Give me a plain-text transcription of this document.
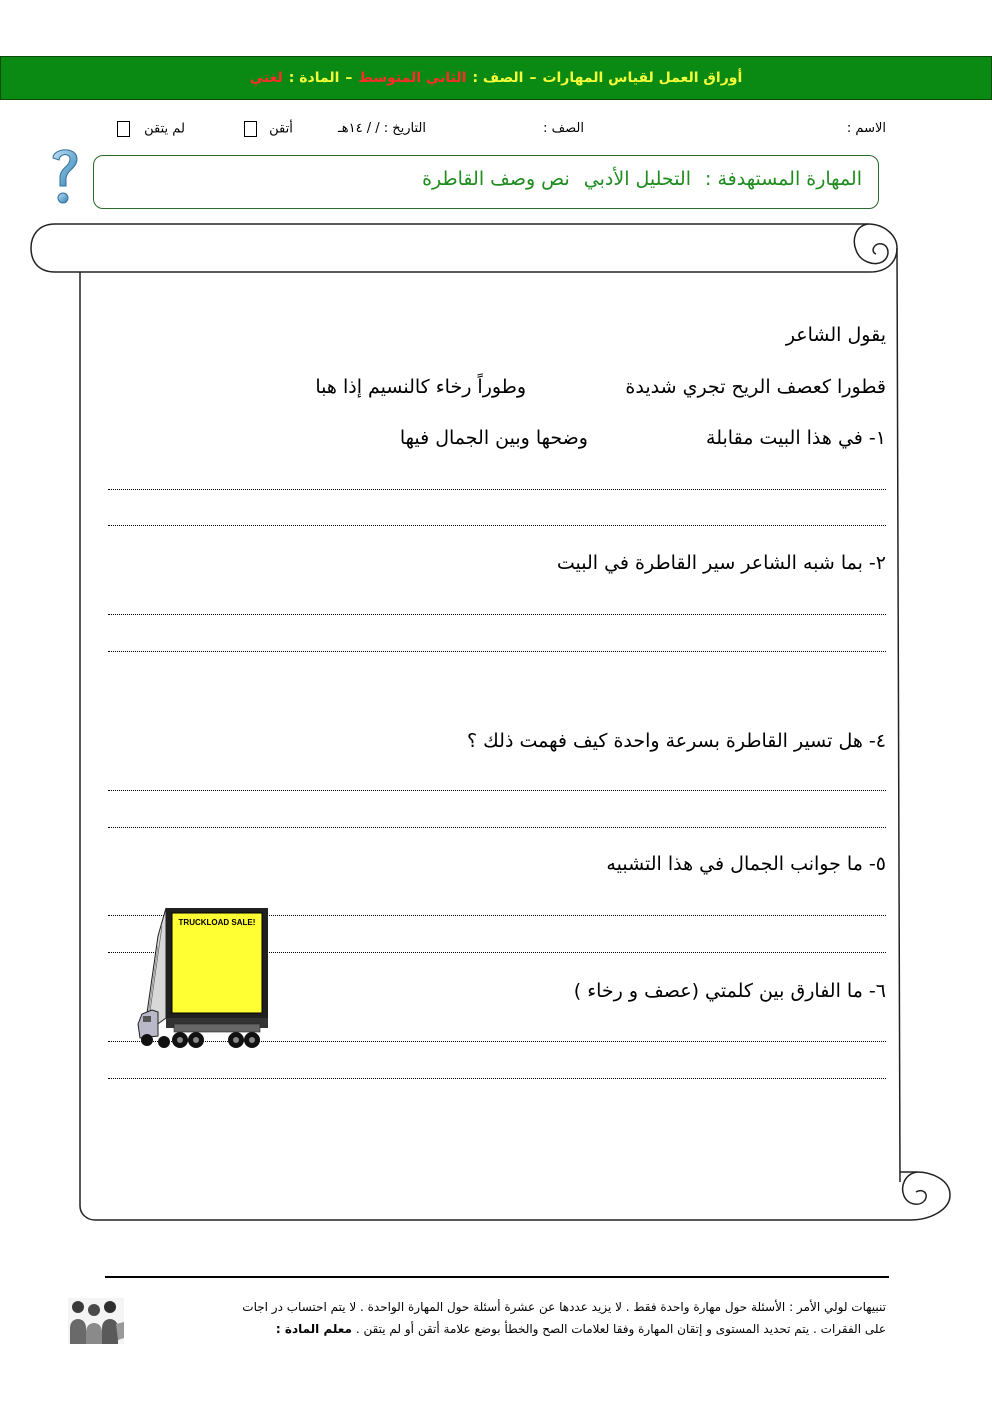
أوراق العمل لقياس المهارات
–
الصف :
الثاني المتوسط
–
المادة :
لغتي
الاسم :
الصف :
التاريخ : / / ١٤هـ
أتقن
لم يتقن
المهارة المستهدفة : التحليل الأدبي نص وصف القاطرة
يقول الشاعر
قطورا كعصف الريح تجري شديدة
وطوراً رخاء كالنسيم إذا هبا
١- في هذا البيت مقابلة
وضحها وبين الجمال فيها
٢- بما شبه الشاعر سير القاطرة في البيت
٤- هل تسير القاطرة بسرعة واحدة كيف فهمت ذلك ؟
٥- ما جوانب الجمال في هذا التشبيه
٦- ما الفارق بين كلمتي (عصف و رخاء )
TRUCKLOAD SALE!
تنبيهات لولي الأمر : الأسئلة حول مهارة واحدة فقط . لا يزيد عددها عن عشرة أسئلة حول المهارة الواحدة . لا يتم احتساب در اجات
على الفقرات . يتم تحديد المستوى و إتقان المهارة وفقا لعلامات الصح والخطأ بوضع علامة أتقن أو لم يتقن . معلم المادة :
